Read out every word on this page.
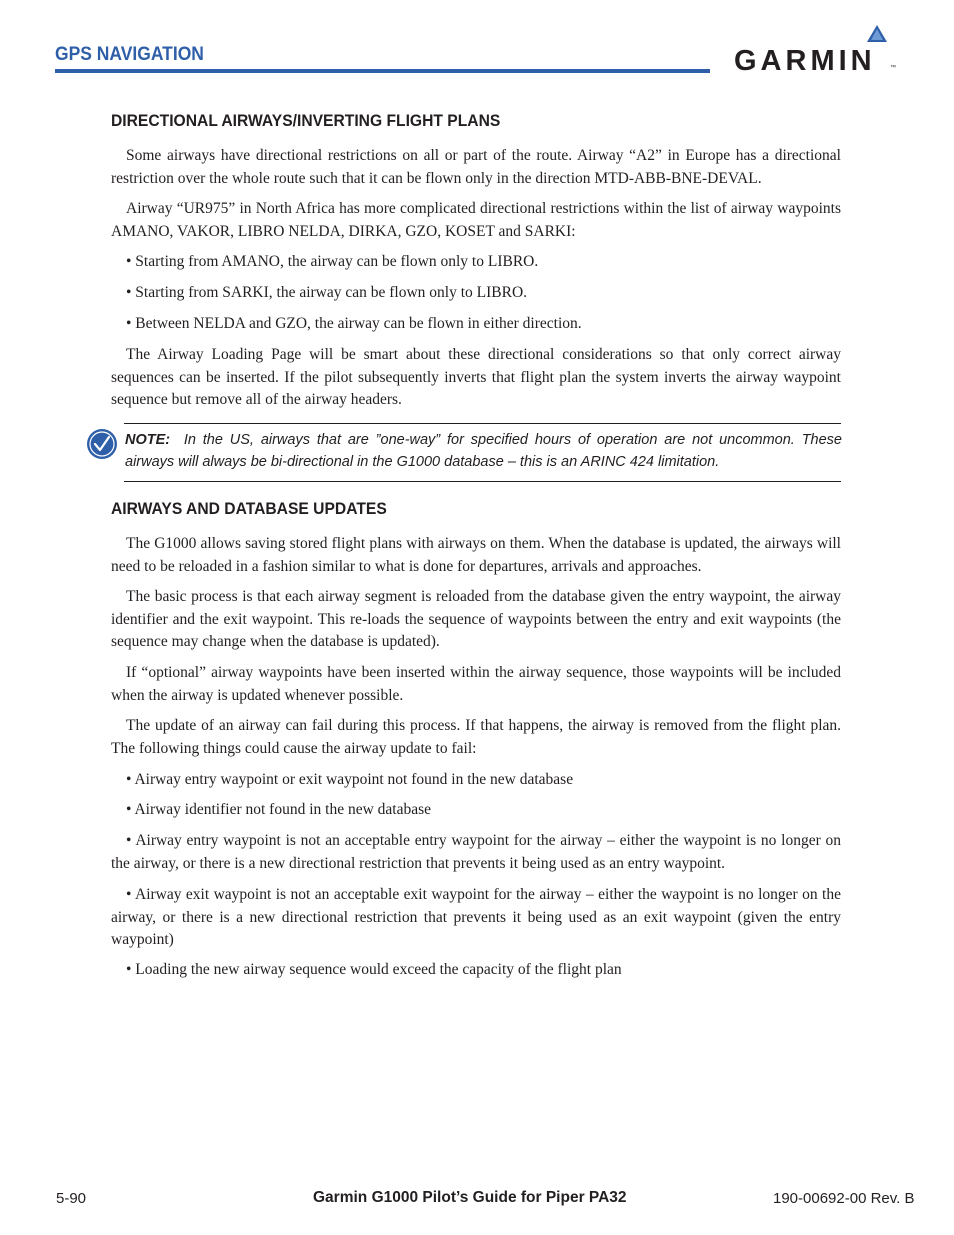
GPS NAVIGATION	GARMIN ™
DIRECTIONAL AIRWAYS/INVERTING FLIGHT PLANS

Some airways have directional restrictions on all or part of the route. Airway “A2” in Europe has a directional restriction over the whole route such that it can be flown only in the direction MTD-ABB-BNE-DEVAL.

Airway “UR975” in North Africa has more complicated directional restrictions within the list of airway waypoints AMANO, VAKOR, LIBRO NELDA, DIRKA, GZO, KOSET and SARKI:

• Starting from AMANO, the airway can be flown only to LIBRO.

• Starting from SARKI, the airway can be flown only to LIBRO.

• Between NELDA and GZO, the airway can be flown in either direction.

The Airway Loading Page will be smart about these directional considerations so that only correct airway sequences can be inserted. If the pilot subsequently inverts that flight plan the system inverts the airway waypoint sequence but remove all of the airway headers.

NOTE: In the US, airways that are ”one-way” for specified hours of operation are not uncommon. These airways will always be bi-directional in the G1000 database – this is an ARINC 424 limitation.

AIRWAYS AND DATABASE UPDATES

The G1000 allows saving stored flight plans with airways on them. When the database is updated, the airways will need to be reloaded in a fashion similar to what is done for departures, arrivals and approaches.

The basic process is that each airway segment is reloaded from the database given the entry waypoint, the airway identifier and the exit waypoint. This re-loads the sequence of waypoints between the entry and exit waypoints (the sequence may change when the database is updated).

If “optional” airway waypoints have been inserted within the airway sequence, those waypoints will be included when the airway is updated whenever possible.

The update of an airway can fail during this process. If that happens, the airway is removed from the flight plan. The following things could cause the airway update to fail:

• Airway entry waypoint or exit waypoint not found in the new database

• Airway identifier not found in the new database

• Airway entry waypoint is not an acceptable entry waypoint for the airway – either the waypoint is no longer on the airway, or there is a new directional restriction that prevents it being used as an entry waypoint.

• Airway exit waypoint is not an acceptable exit waypoint for the airway – either the waypoint is no longer on the airway, or there is a new directional restriction that prevents it being used as an exit waypoint (given the entry waypoint)

• Loading the new airway sequence would exceed the capacity of the flight plan

5-90	Garmin G1000 Pilot’s Guide for Piper PA32	190-00692-00 Rev. B
